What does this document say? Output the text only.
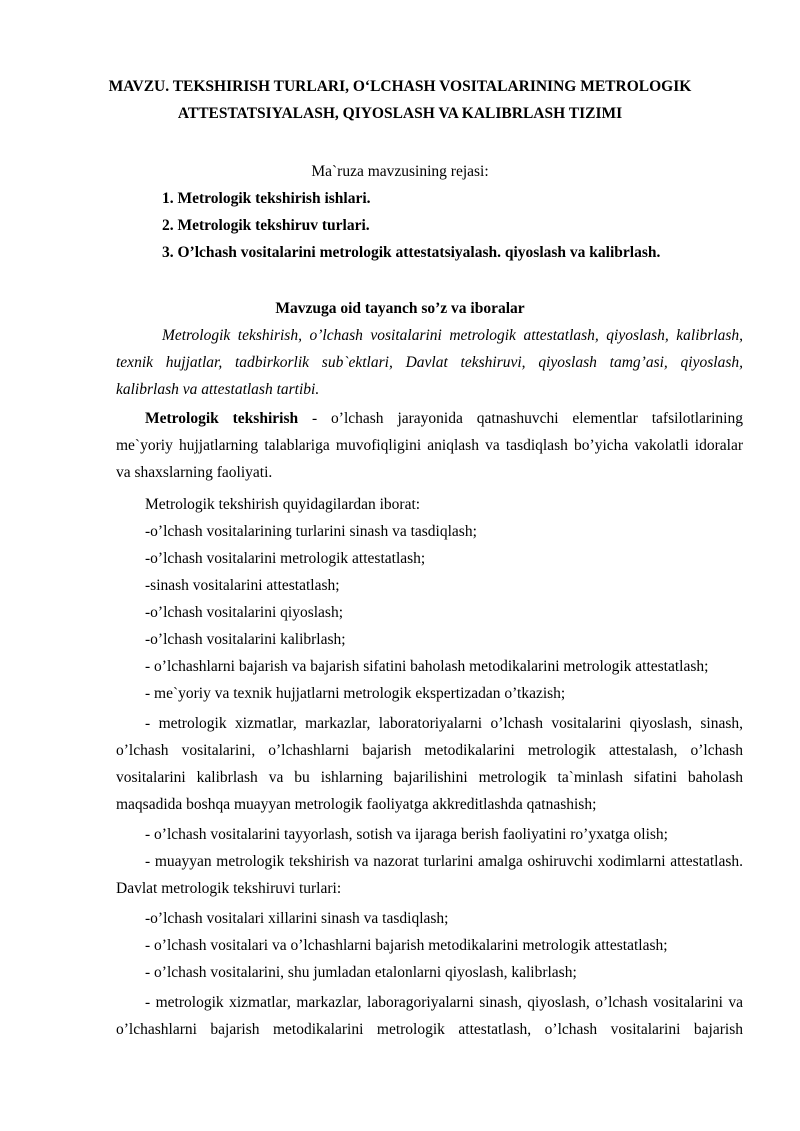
MAVZU. TEKSHIRISH TURLARI, O‘LCHASH VOSITALARINING METROLOGIK
ATTESTATSIYALASH, QIYOSLASH VA KALIBRLASH TIZIMI
Ma`ruza mavzusining rejasi:
1. Metrologik tekshirish ishlari.
2. Metrologik tekshiruv turlari.
3. O’lchash vositalarini metrologik attestatsiyalash. qiyoslash va kalibrlash.
Mavzuga oid tayanch so’z va iboralar
Metrologik tekshirish, o’lchash vositalarini metrologik attestatlash, qiyoslash, kalibrlash,
texnik hujjatlar, tadbirkorlik sub`ektlari, Davlat tekshiruvi, qiyoslash tamg’asi, qiyoslash,
kalibrlash va attestatlash tartibi.
Metrologik tekshirish - o’lchash jarayonida qatnashuvchi elementlar tafsilotlarining
me`yoriy hujjatlarning talablariga muvofiqligini aniqlash va tasdiqlash bo’yicha vakolatli idoralar
va shaxslarning faoliyati.
Metrologik tekshirish quyidagilardan iborat:
-o’lchash vositalarining turlarini sinash va tasdiqlash;
-o’lchash vositalarini metrologik attestatlash;
-sinash vositalarini attestatlash;
-o’lchash vositalarini qiyoslash;
-o’lchash vositalarini kalibrlash;
- o’lchashlarni bajarish va bajarish sifatini baholash metodikalarini metrologik attestatlash;
- me`yoriy va texnik hujjatlarni metrologik ekspertizadan o’tkazish;
- metrologik xizmatlar, markazlar, laboratoriyalarni o’lchash vositalarini qiyoslash, sinash,
o’lchash vositalarini, o’lchashlarni bajarish metodikalarini metrologik attestalash, o’lchash
vositalarini kalibrlash va bu ishlarning bajarilishini metrologik ta`minlash sifatini baholash
maqsadida boshqa muayyan metrologik faoliyatga akkreditlashda qatnashish;
- o’lchash vositalarini tayyorlash, sotish va ijaraga berish faoliyatini ro’yxatga olish;
- muayyan metrologik tekshirish va nazorat turlarini amalga oshiruvchi xodimlarni attestatlash.
Davlat metrologik tekshiruvi turlari:
-o’lchash vositalari xillarini sinash va tasdiqlash;
- o’lchash vositalari va o’lchashlarni bajarish metodikalarini metrologik attestatlash;
- o’lchash vositalarini, shu jumladan etalonlarni qiyoslash, kalibrlash;
- metrologik xizmatlar, markazlar, laboragoriyalarni sinash, qiyoslash, o’lchash vositalarini va
o’lchashlarni bajarish metodikalarini metrologik attestatlash, o’lchash vositalarini bajarish
